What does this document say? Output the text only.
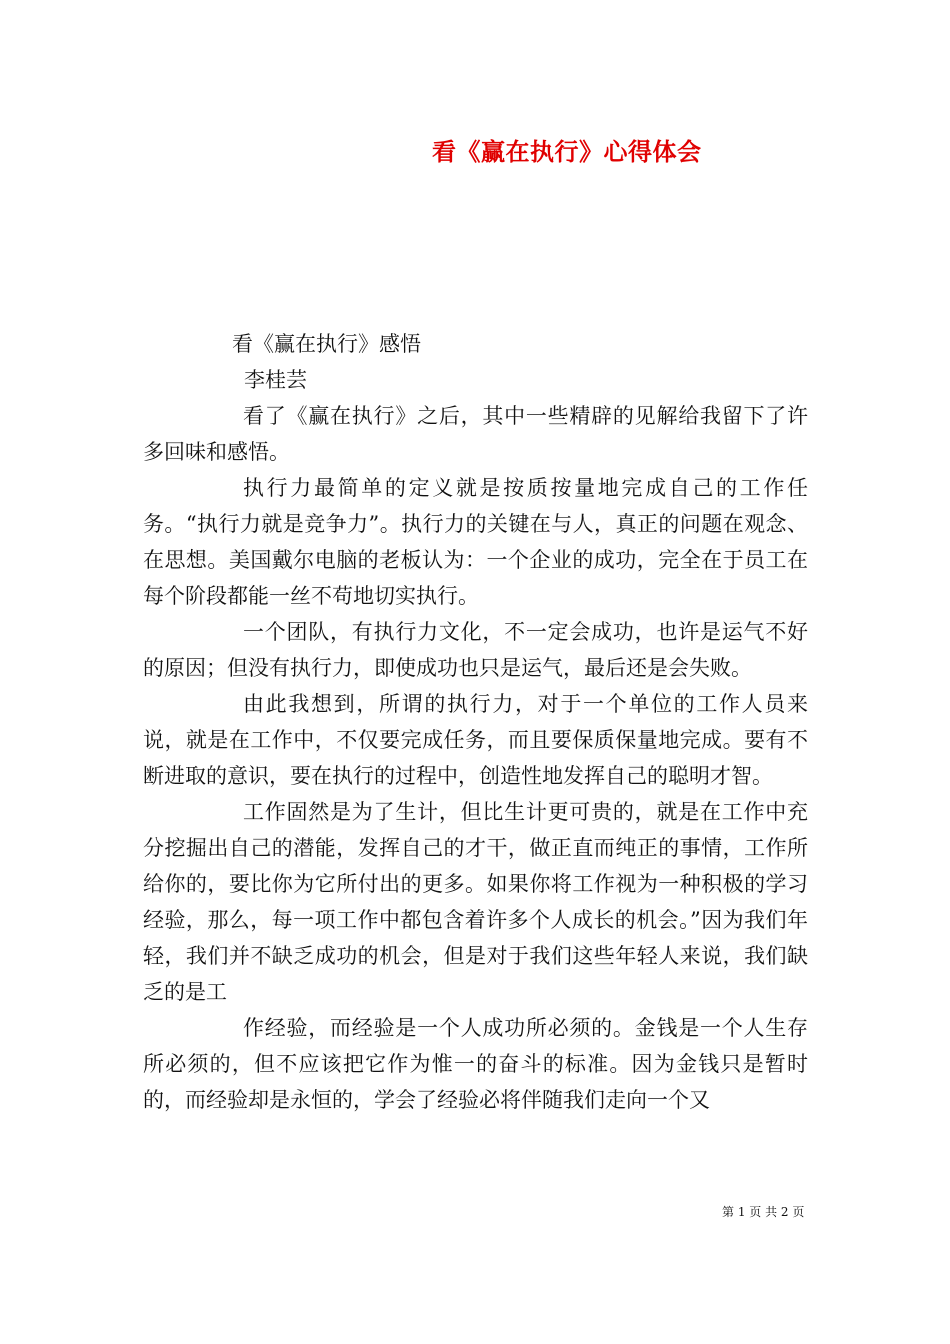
看《赢在执行》心得体会
看《赢在执行》感悟
李桂芸

看了《赢在执行》之后，其中一些精辟的见解给我留下了许多回味和感悟。

执行力最简单的定义就是按质按量地完成自己的工作任务。“执行力就是竞争力”。执行力的关键在与人，真正的问题在观念、在思想。美国戴尔电脑的老板认为：一个企业的成功，完全在于员工在每个阶段都能一丝不苟地切实执行。

一个团队，有执行力文化，不一定会成功，也许是运气不好的原因；但没有执行力，即使成功也只是运气，最后还是会失败。

由此我想到，所谓的执行力，对于一个单位的工作人员来说，就是在工作中，不仅要完成任务，而且要保质保量地完成。要有不断进取的意识，要在执行的过程中，创造性地发挥自己的聪明才智。

工作固然是为了生计，但比生计更可贵的，就是在工作中充分挖掘出自己的潜能，发挥自己的才干，做正直而纯正的事情，工作所给你的，要比你为它所付出的更多。如果你将工作视为一种积极的学习经验，那么，每一项工作中都包含着许多个人成长的机会。”因为我们年轻，我们并不缺乏成功的机会，但是对于我们这些年轻人来说，我们缺乏的是工

作经验，而经验是一个人成功所必须的。金钱是一个人生存所必须的，但不应该把它作为惟一的奋斗的标准。因为金钱只是暂时的，而经验却是永恒的，学会了经验必将伴随我们走向一个又

第 1 页 共 2 页
